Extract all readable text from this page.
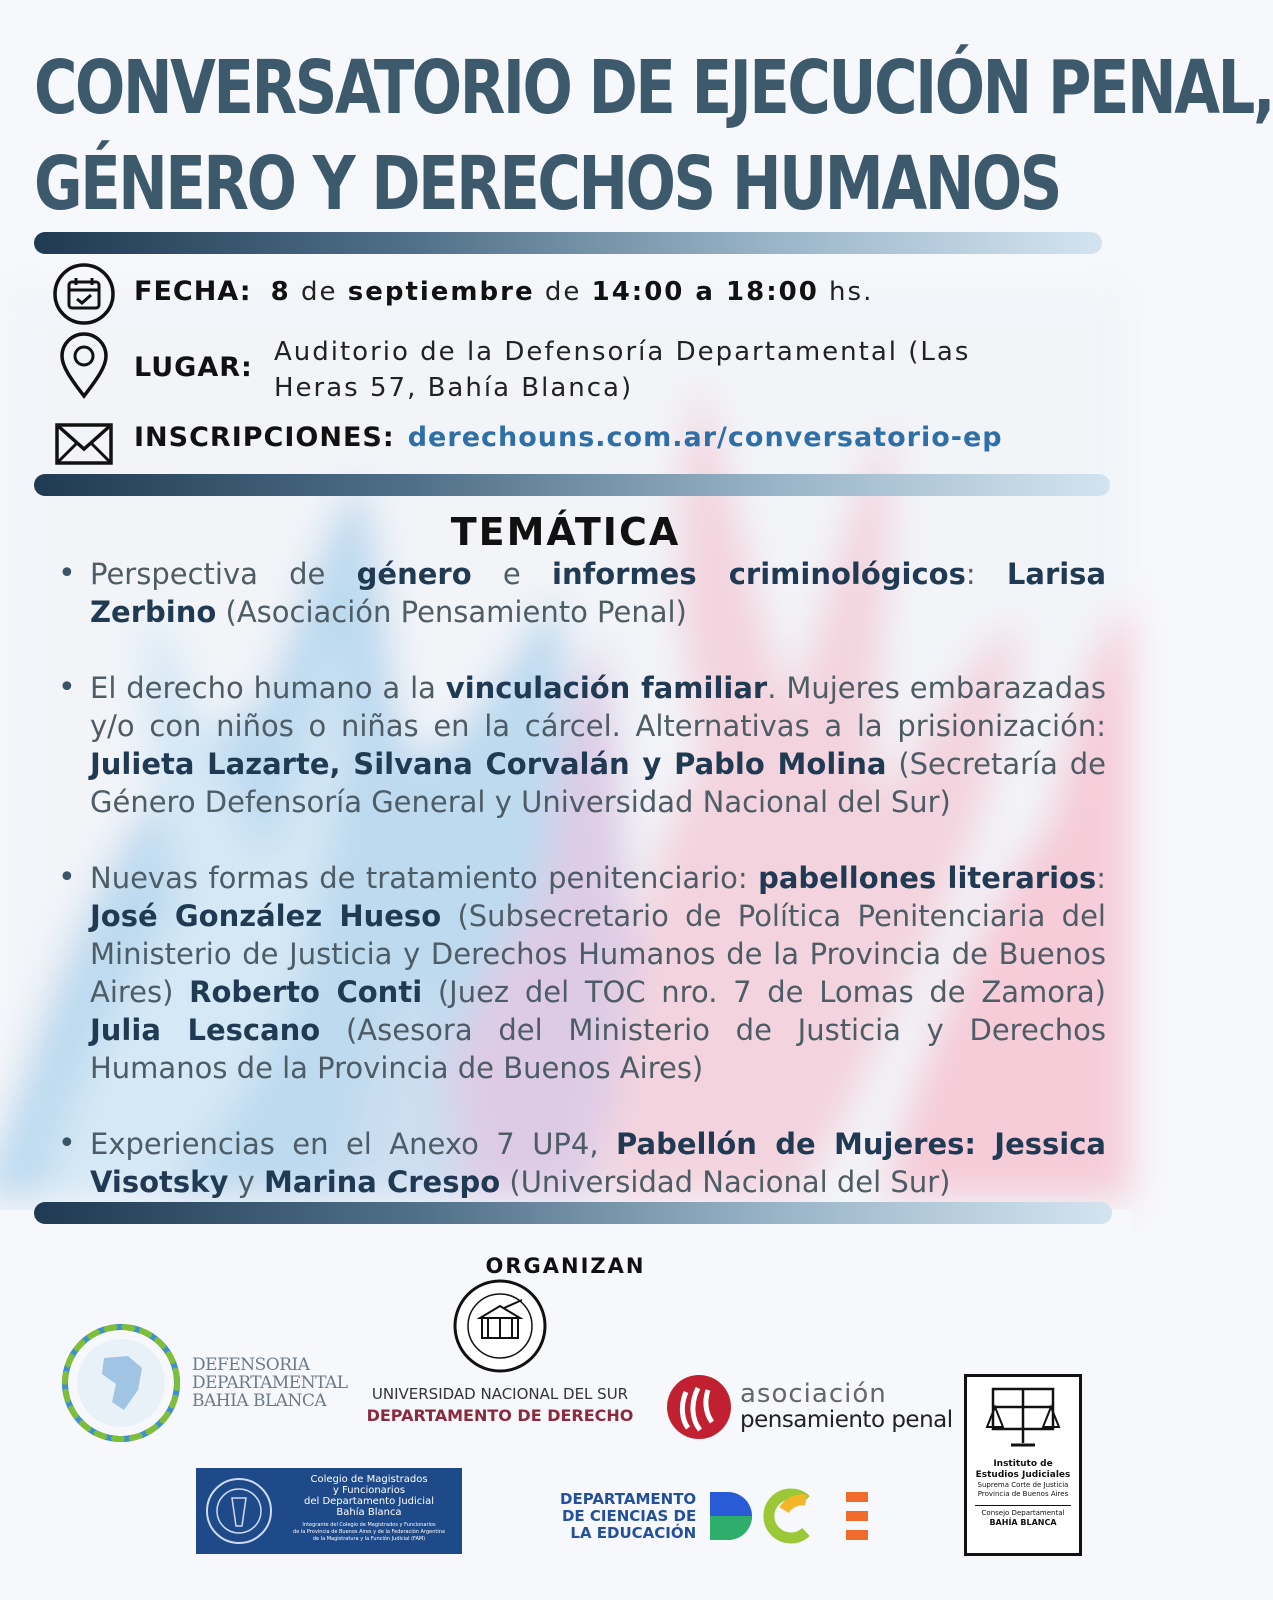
CONVERSATORIO DE EJECUCIÓN PENAL,
GÉNERO Y DERECHOS HUMANOS
FECHA: 8 de septiembre de 14:00 a 18:00 hs.
LUGAR: Auditorio de la Defensoría Departamental (Las
Heras 57, Bahía Blanca)
INSCRIPCIONES: derechouns.com.ar/conversatorio-ep
TEMÁTICA
• Perspectiva de género e informes criminológicos: Larisa Zerbino (Asociación Pensamiento Penal)
• El derecho humano a la vinculación familiar. Mujeres embarazadas y/o con niños o niñas en la cárcel. Alternativas a la prisionización: Julieta Lazarte, Silvana Corvalán y Pablo Molina (Secretaría de Género Defensoría General y Universidad Nacional del Sur)
• Nuevas formas de tratamiento penitenciario: pabellones literarios: José González Hueso (Subsecretario de Política Penitenciaria del Ministerio de Justicia y Derechos Humanos de la Provincia de Buenos Aires) Roberto Conti (Juez del TOC nro. 7 de Lomas de Zamora) Julia Lescano (Asesora del Ministerio de Justicia y Derechos Humanos de la Provincia de Buenos Aires)
• Experiencias en el Anexo 7 UP4, Pabellón de Mujeres: Jessica Visotsky y Marina Crespo (Universidad Nacional del Sur)
ORGANIZAN
DEFENSORIA
DEPARTAMENTAL
BAHIA BLANCA	UNIVERSIDAD NACIONAL DEL SUR
DEPARTAMENTO DE DERECHO
asociación
pensamiento penal
Instituto de
Estudios Judiciales
Suprema Corte de Justicia
Provincia de Buenos Aires
Consejo Departamental
BAHÍA BLANCA
Colegio de Magistrados
y Funcionarios
del Departamento Judicial
Bahía Blanca
Integrante del Colegio de Magistrados y Funcionarios
de la Provincia de Buenos Aires y de la Federación Argentina
de la Magistratura y la Función Judicial (FAM)
DEPARTAMENTO
DE CIENCIAS DE
LA EDUCACIÓN
